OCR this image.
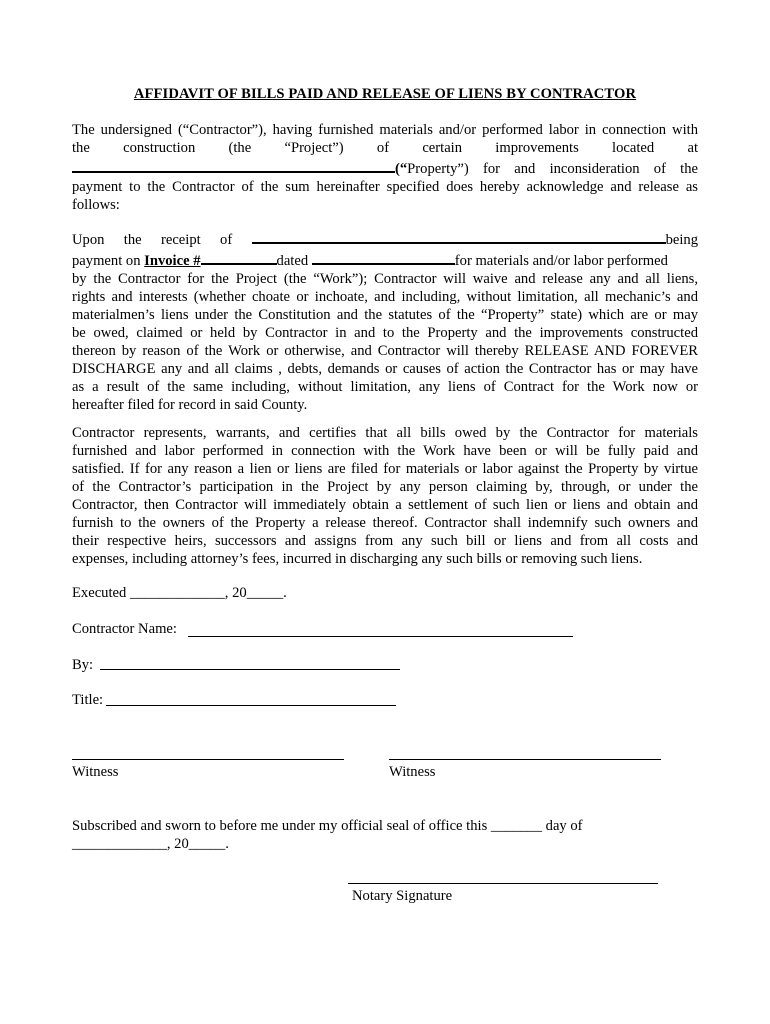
AFFIDAVIT OF BILLS PAID AND RELEASE OF LIENS BY CONTRACTOR
The undersigned (“Contractor”), having furnished materials and/or performed labor in connection with
the construction (the “Project”) of certain improvements located at
(“Property”) for and inconsideration of the
payment to the Contractor of the sum hereinafter specified does hereby acknowledge and release as
follows:
Upon the receipt of	being
payment on Invoice #	dated	for materials and/or labor performed
by the Contractor for the Project (the “Work”); Contractor will waive and release any and all liens,
rights and interests (whether choate or inchoate, and including, without limitation, all mechanic’s and
materialmen’s liens under the Constitution and the statutes of the “Property” state) which are or may
be owed, claimed or held by Contractor in and to the Property and the improvements constructed
thereon by reason of the Work or otherwise, and Contractor will thereby RELEASE AND FOREVER
DISCHARGE any and all claims , debts, demands or causes of action the Contractor has or may have
as a result of the same including, without limitation, any liens of Contract for the Work now or
hereafter filed for record in said County.
Contractor represents, warrants, and certifies that all bills owed by the Contractor for materials
furnished and labor performed in connection with the Work have been or will be fully paid and
satisfied. If for any reason a lien or liens are filed for materials or labor against the Property by virtue
of the Contractor’s participation in the Project by any person claiming by, through, or under the
Contractor, then Contractor will immediately obtain a settlement of such lien or liens and obtain and
furnish to the owners of the Property a release thereof. Contractor shall indemnify such owners and
their respective heirs, successors and assigns from any such bill or liens and from all costs and
expenses, including attorney’s fees, incurred in discharging any such bills or removing such liens.
Executed _____________, 20_____.
Contractor Name:
By:
Title:
Witness	Witness
Subscribed and sworn to before me under my official seal of office this _______ day of
_____________, 20_____.
Notary Signature
